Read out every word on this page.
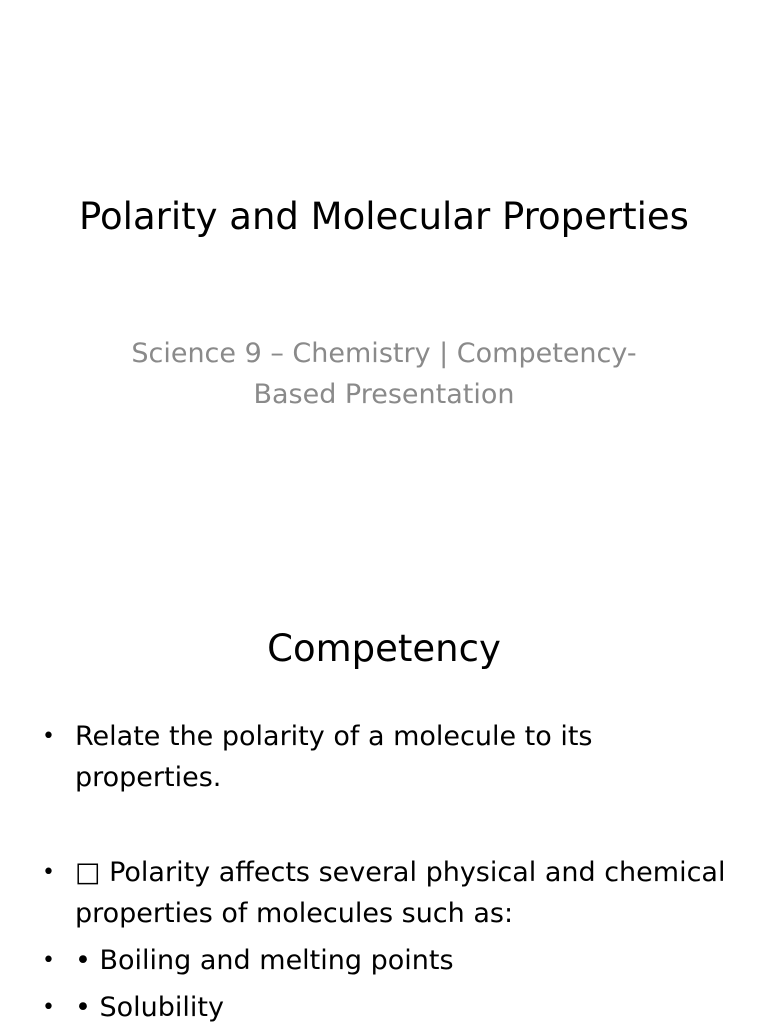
Polarity and Molecular Properties

Science 9 – Chemistry | Competency-Based Presentation

Competency
• Relate the polarity of a molecule to its properties.
• □ Polarity affects several physical and chemical properties of molecules such as:
• • Boiling and melting points
• • Solubility
